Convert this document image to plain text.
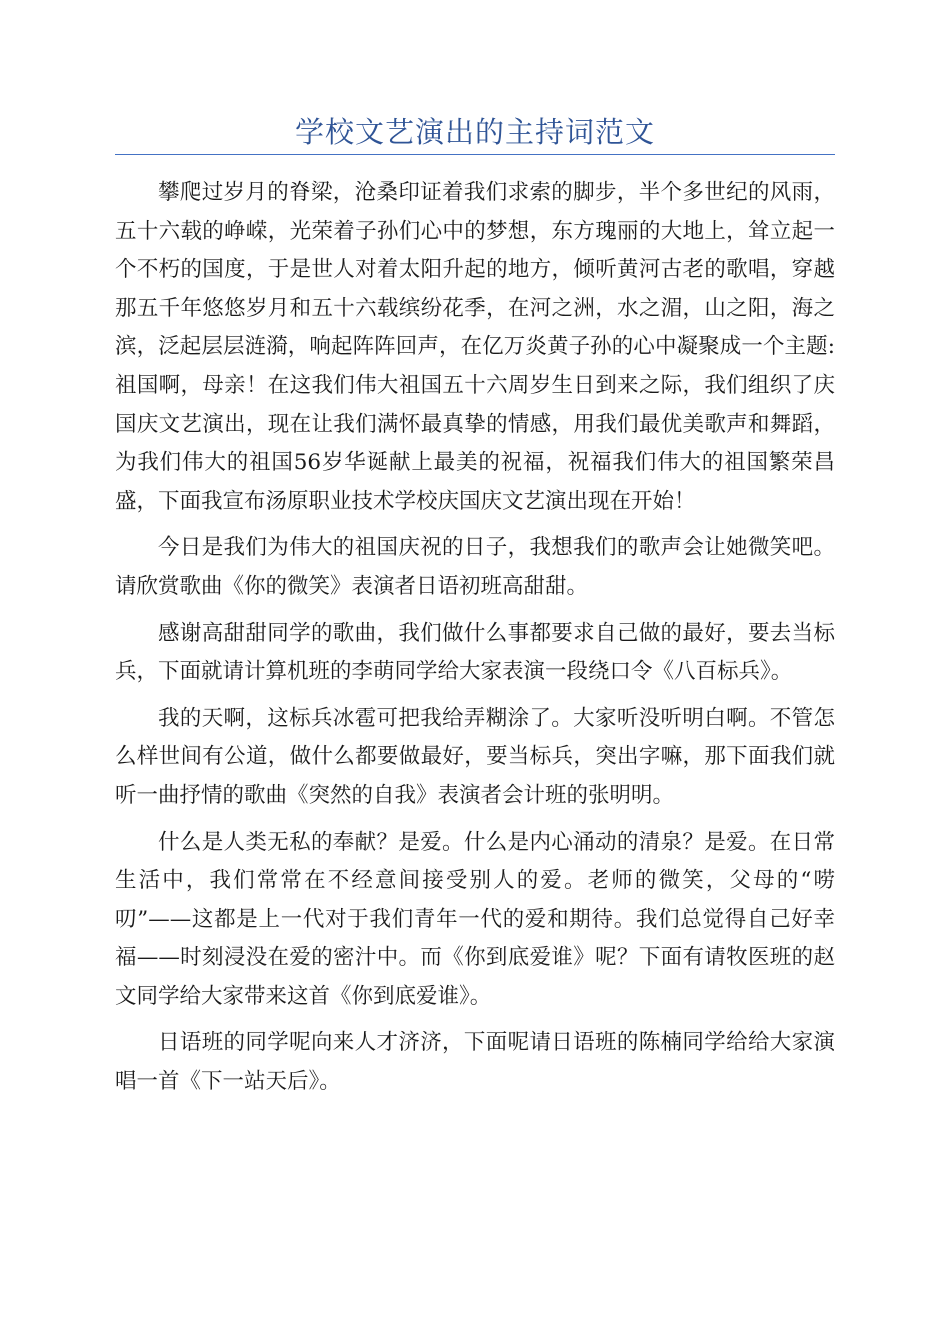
学校文艺演出的主持词范文

攀爬过岁月的脊梁，沧桑印证着我们求索的脚步，半个多世纪的风雨，五十六载的峥嵘，光荣着子孙们心中的梦想，东方瑰丽的大地上，耸立起一个不朽的国度，于是世人对着太阳升起的地方，倾听黄河古老的歌唱，穿越那五千年悠悠岁月和五十六载缤纷花季，在河之洲，水之湄，山之阳，海之滨，泛起层层涟漪，响起阵阵回声，在亿万炎黄子孙的心中凝聚成一个主题:祖国啊，母亲！在这我们伟大祖国五十六周岁生日到来之际，我们组织了庆国庆文艺演出，现在让我们满怀最真挚的情感，用我们最优美歌声和舞蹈，为我们伟大的祖国56岁华诞献上最美的祝福，祝福我们伟大的祖国繁荣昌盛，下面我宣布汤原职业技术学校庆国庆文艺演出现在开始！

今日是我们为伟大的祖国庆祝的日子，我想我们的歌声会让她微笑吧。请欣赏歌曲《你的微笑》表演者日语初班高甜甜。

感谢高甜甜同学的歌曲，我们做什么事都要求自己做的最好，要去当标兵，下面就请计算机班的李萌同学给大家表演一段绕口令《八百标兵》。

我的天啊，这标兵冰雹可把我给弄糊涂了。大家听没听明白啊。不管怎么样世间有公道，做什么都要做最好，要当标兵，突出字嘛，那下面我们就听一曲抒情的歌曲《突然的自我》表演者会计班的张明明。

什么是人类无私的奉献？是爱。什么是内心涌动的清泉？是爱。在日常生活中，我们常常在不经意间接受别人的爱。老师的微笑，父母的“唠叨”——这都是上一代对于我们青年一代的爱和期待。我们总觉得自己好幸福——时刻浸没在爱的密汁中。而《你到底爱谁》呢？下面有请牧医班的赵文同学给大家带来这首《你到底爱谁》。

日语班的同学呢向来人才济济，下面呢请日语班的陈楠同学给给大家演唱一首《下一站天后》。
